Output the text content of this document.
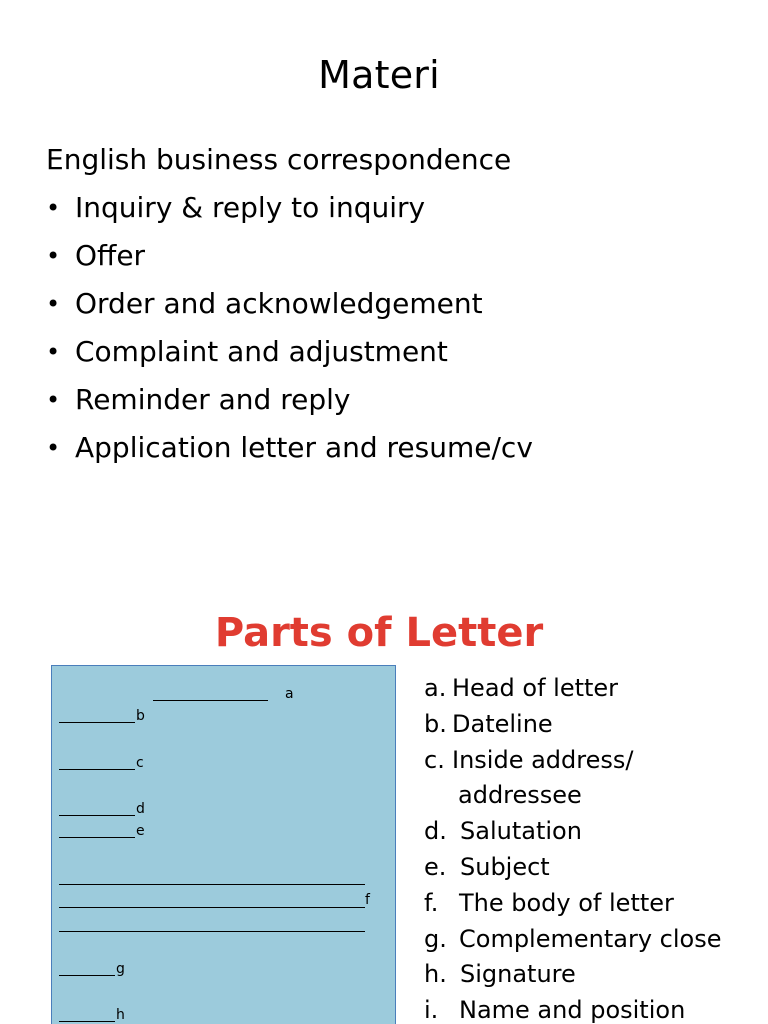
Materi
English business correspondence
• Inquiry & reply to inquiry
• Offer
• Order and acknowledgement
• Complaint and adjustment
• Reminder and reply
• Application letter and resume/cv
Parts of Letter
a
b
c
d
e
f
g
h
a. Head of letter
b. Dateline
c. Inside address/
addressee
d. Salutation
e. Subject
f. The body of letter
g. Complementary close
h. Signature
i. Name and position
